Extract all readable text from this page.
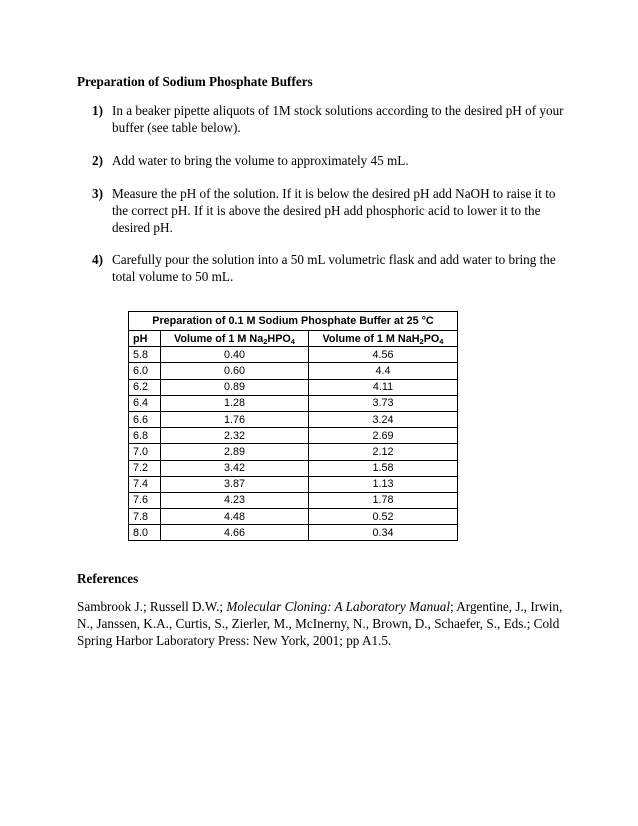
Preparation of Sodium Phosphate Buffers
1) In a beaker pipette aliquots of 1M stock solutions according to the desired pH of your buffer (see table below).
2) Add water to bring the volume to approximately 45 mL.
3) Measure the pH of the solution. If it is below the desired pH add NaOH to raise it to the correct pH. If it is above the desired pH add phosphoric acid to lower it to the desired pH.
4) Carefully pour the solution into a 50 mL volumetric flask and add water to bring the total volume to 50 mL.
Preparation of 0.1 M Sodium Phosphate Buffer at 25 °C		
pH	Volume of 1 M $Na_2HPO_4$	Volume of 1 M $NaH_2PO_4$
5.8	0.40	4.56
6.0	0.60	4.4
6.2	0.89	4.11
6.4	1.28	3.73
6.6	1.76	3.24
6.8	2.32	2.69
7.0	2.89	2.12
7.2	3.42	1.58
7.4	3.87	1.13
7.6	4.23	1.78
7.8	4.48	0.52
8.0	4.66	0.34
References
Sambrook J.; Russell D.W.; Molecular Cloning: A Laboratory Manual; Argentine, J., Irwin, N., Janssen, K.A., Curtis, S., Zierler, M., McInerny, N., Brown, D., Schaefer, S., Eds.; Cold Spring Harbor Laboratory Press: New York, 2001; pp A1.5.
